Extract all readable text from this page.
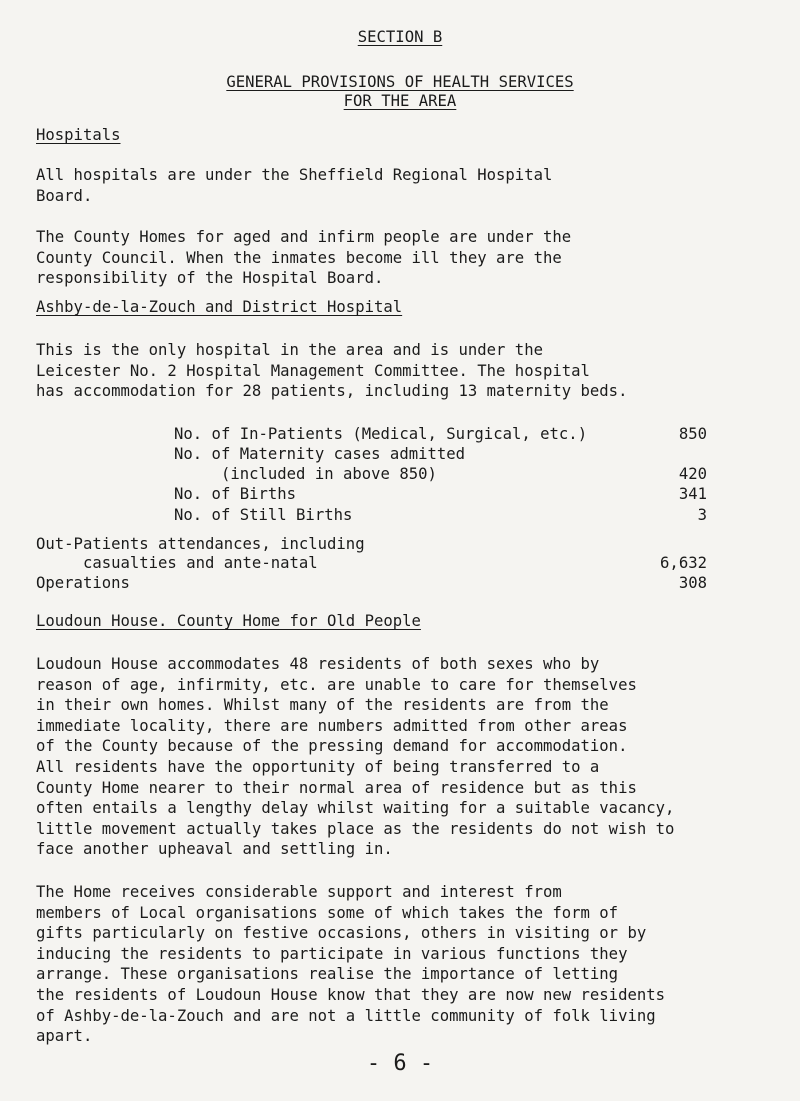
SECTION B
GENERAL PROVISIONS OF HEALTH SERVICES
FOR THE AREA
Hospitals
All hospitals are under the Sheffield Regional Hospital
Board.
The County Homes for aged and infirm people are under the
County Council. When the inmates become ill they are the
responsibility of the Hospital Board.
Ashby-de-la-Zouch and District Hospital
This is the only hospital in the area and is under the
Leicester No. 2 Hospital Management Committee. The hospital
has accommodation for 28 patients, including 13 maternity beds.
No. of In-Patients (Medical, Surgical, etc.)	850
No. of Maternity cases admitted
(included in above 850)	420
No. of Births	341
No. of Still Births	3
Out-Patients attendances, including
casualties and ante-natal	6,632
Operations	308
Loudoun House. County Home for Old People
Loudoun House accommodates 48 residents of both sexes who by
reason of age, infirmity, etc. are unable to care for themselves
in their own homes. Whilst many of the residents are from the
immediate locality, there are numbers admitted from other areas
of the County because of the pressing demand for accommodation.
All residents have the opportunity of being transferred to a
County Home nearer to their normal area of residence but as this
often entails a lengthy delay whilst waiting for a suitable vacancy,
little movement actually takes place as the residents do not wish to
face another upheaval and settling in.
The Home receives considerable support and interest from
members of Local organisations some of which takes the form of
gifts particularly on festive occasions, others in visiting or by
inducing the residents to participate in various functions they
arrange. These organisations realise the importance of letting
the residents of Loudoun House know that they are now new residents
of Ashby-de-la-Zouch and are not a little community of folk living
apart.
- 6 -
